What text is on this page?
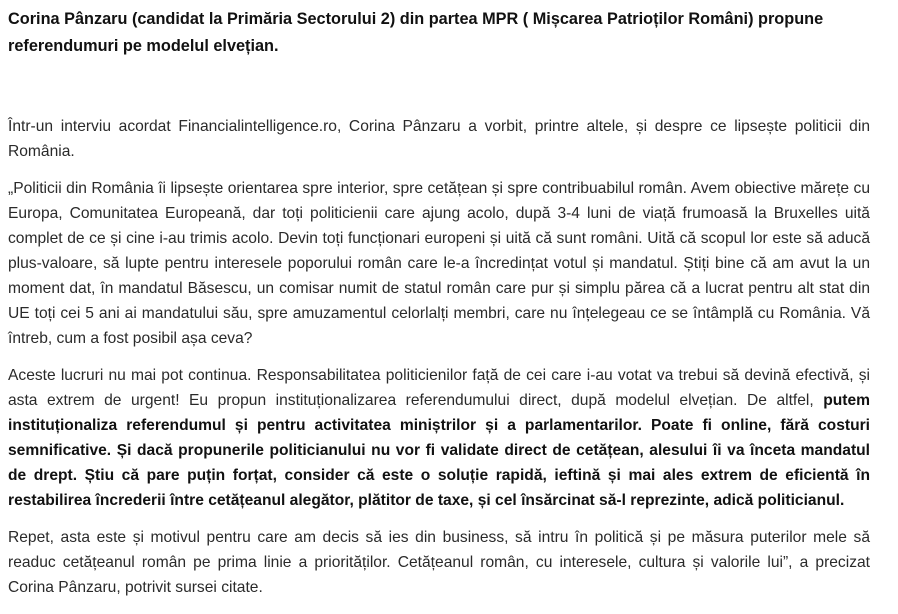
Corina Pânzaru (candidat la Primăria Sectorului 2) din partea MPR ( Mișcarea Patrioților Români) propune referendumuri pe modelul elvețian.

Într-un interviu acordat Financialintelligence.ro, Corina Pânzaru a vorbit, printre altele, și despre ce lipsește politicii din România.

„Politicii din România îi lipsește orientarea spre interior, spre cetățean și spre contribuabilul român. Avem obiective mărețe cu Europa, Comunitatea Europeană, dar toți politicienii care ajung acolo, după 3-4 luni de viață frumoasă la Bruxelles uită complet de ce și cine i-au trimis acolo. Devin toți funcționari europeni și uită că sunt români. Uită că scopul lor este să aducă plus-valoare, să lupte pentru interesele poporului român care le-a încredințat votul și mandatul. Știți bine că am avut la un moment dat, în mandatul Băsescu, un comisar numit de statul român care pur și simplu părea că a lucrat pentru alt stat din UE toți cei 5 ani ai mandatului său, spre amuzamentul celorlalți membri, care nu înțelegeau ce se întâmplă cu România. Vă întreb, cum a fost posibil așa ceva?

Aceste lucruri nu mai pot continua. Responsabilitatea politicienilor față de cei care i-au votat va trebui să devină efectivă, și asta extrem de urgent! Eu propun instituționalizarea referendumului direct, după modelul elvețian. De altfel, putem instituționaliza referendumul și pentru activitatea miniștrilor și a parlamentarilor. Poate fi online, fără costuri semnificative. Și dacă propunerile politicianului nu vor fi validate direct de cetățean, alesului îi va înceta mandatul de drept. Știu că pare puțin forțat, consider că este o soluție rapidă, ieftină și mai ales extrem de eficientă în restabilirea încrederii între cetățeanul alegător, plătitor de taxe, și cel însărcinat să-l reprezinte, adică politicianul.

Repet, asta este și motivul pentru care am decis să ies din business, să intru în politică și pe măsura puterilor mele să readuc cetățeanul român pe prima linie a priorităților. Cetățeanul român, cu interesele, cultura și valorile lui”, a precizat Corina Pânzaru, potrivit sursei citate.
